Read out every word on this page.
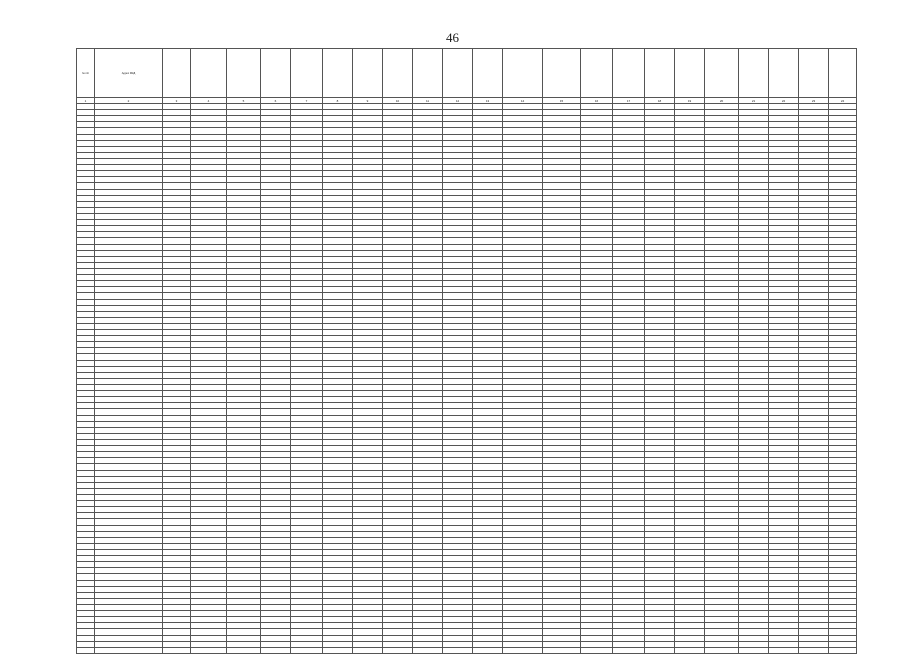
46
№ п/п	Адрес МКД																						
1	2	3	4	5	6	7	8	9	10	11	12	13	14	15	16	17	18	19	20	21	22	23	24
